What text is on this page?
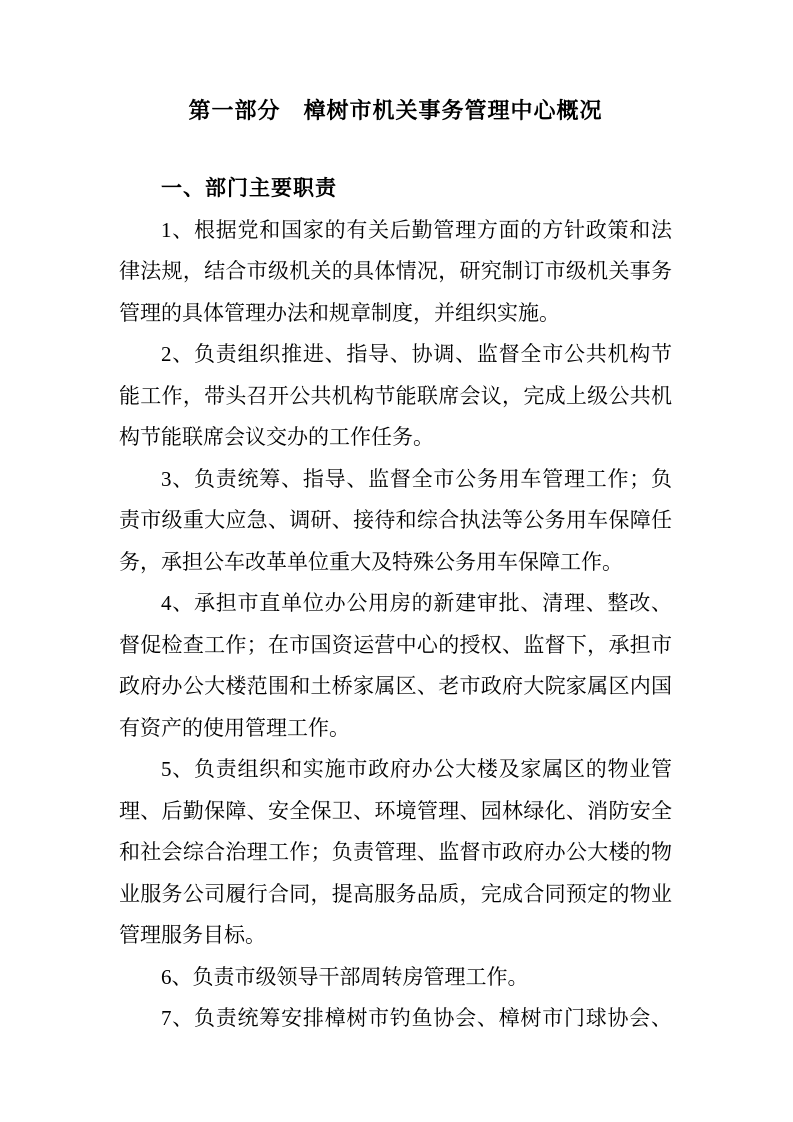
第一部分　樟树市机关事务管理中心概况
一、部门主要职责

1、根据党和国家的有关后勤管理方面的方针政策和法
律法规，结合市级机关的具体情况，研究制订市级机关事务
管理的具体管理办法和规章制度，并组织实施。

2、负责组织推进、指导、协调、监督全市公共机构节
能工作，带头召开公共机构节能联席会议，完成上级公共机
构节能联席会议交办的工作任务。

3、负责统筹、指导、监督全市公务用车管理工作；负
责市级重大应急、调研、接待和综合执法等公务用车保障任
务，承担公车改革单位重大及特殊公务用车保障工作。

4、承担市直单位办公用房的新建审批、清理、整改、
督促检查工作；在市国资运营中心的授权、监督下，承担市
政府办公大楼范围和土桥家属区、老市政府大院家属区内国
有资产的使用管理工作。

5、负责组织和实施市政府办公大楼及家属区的物业管
理、后勤保障、安全保卫、环境管理、园林绿化、消防安全
和社会综合治理工作；负责管理、监督市政府办公大楼的物
业服务公司履行合同，提高服务品质，完成合同预定的物业
管理服务目标。

6、负责市级领导干部周转房管理工作。

7、负责统筹安排樟树市钓鱼协会、樟树市门球协会、
